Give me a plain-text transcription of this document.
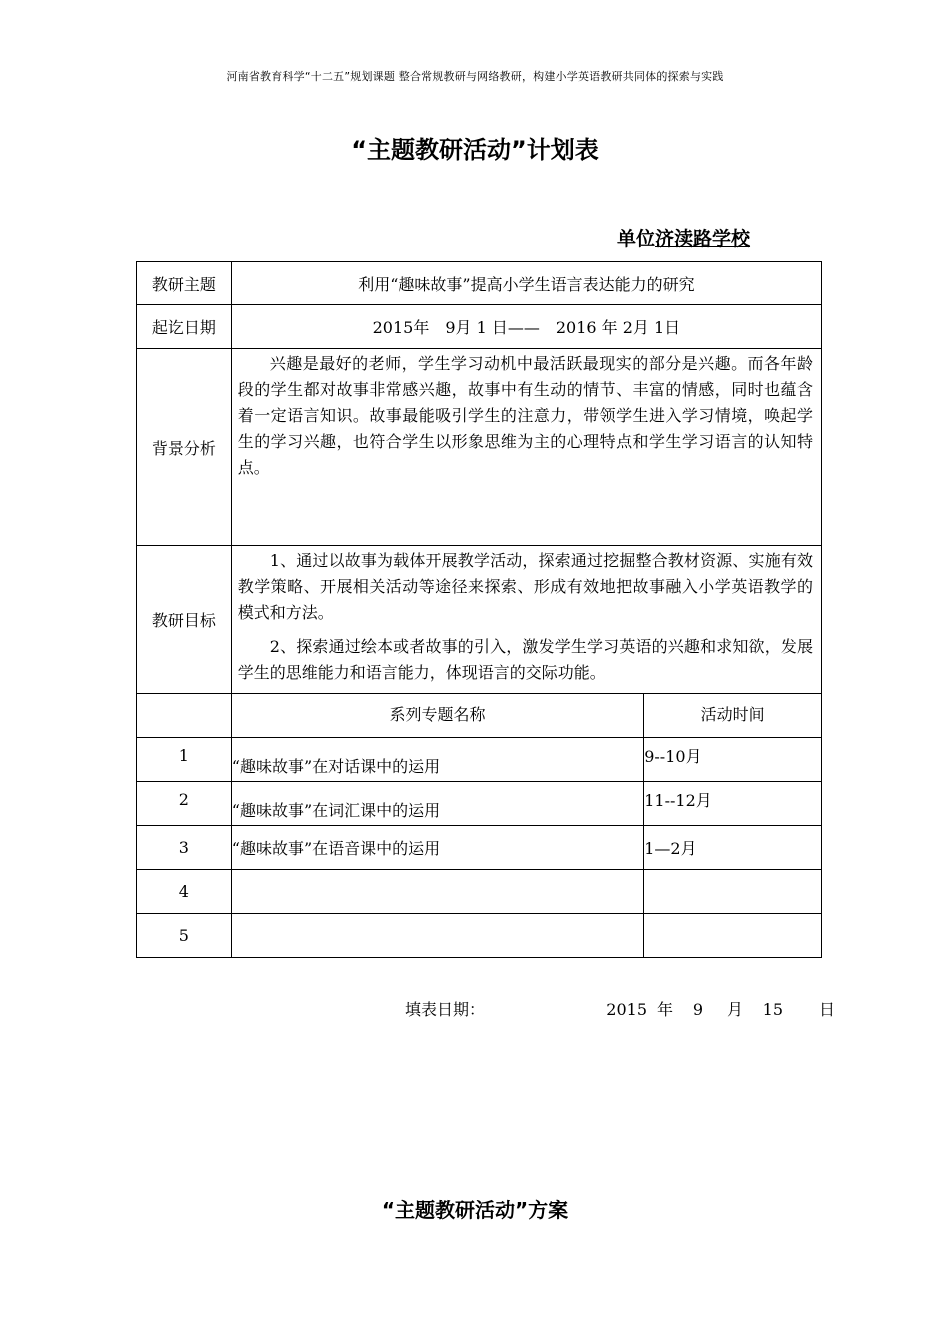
河南省教育科学“十二五”规划课题 整合常规教研与网络教研，构建小学英语教研共同体的探索与实践
“主题教研活动”计划表
单位济渎路学校
教研主题	利用“趣味故事”提高小学生语言表达能力的研究	
起讫日期	2015年　9月 1 日——　2016 年 2月 1日	
背景分析	兴趣是最好的老师，学生学习动机中最活跃最现实的部分是兴趣。而各年龄段的学生都对故事非常感兴趣，故事中有生动的情节、丰富的情感，同时也蕴含着一定语言知识。故事最能吸引学生的注意力，带领学生进入学习情境，唤起学生的学习兴趣，也符合学生以形象思维为主的心理特点和学生学习语言的认知特点。	

教研目标	1、通过以故事为载体开展教学活动，探索通过挖掘整合教材资源、实施有效教学策略、开展相关活动等途径来探索、形成有效地把故事融入小学英语教学的模式和方法。
2、探索通过绘本或者故事的引入，激发学生学习英语的兴趣和求知欲，发展学生的思维能力和语言能力，体现语言的交际功能。	

	系列专题名称	活动时间
1	“趣味故事”在对话课中的运用	9--10月
2	“趣味故事”在词汇课中的运用	11--12月
3	“趣味故事”在语音课中的运用	1—2月
4		
5		
填表日期：	2015 年 9 月 15 日
“主题教研活动”方案
